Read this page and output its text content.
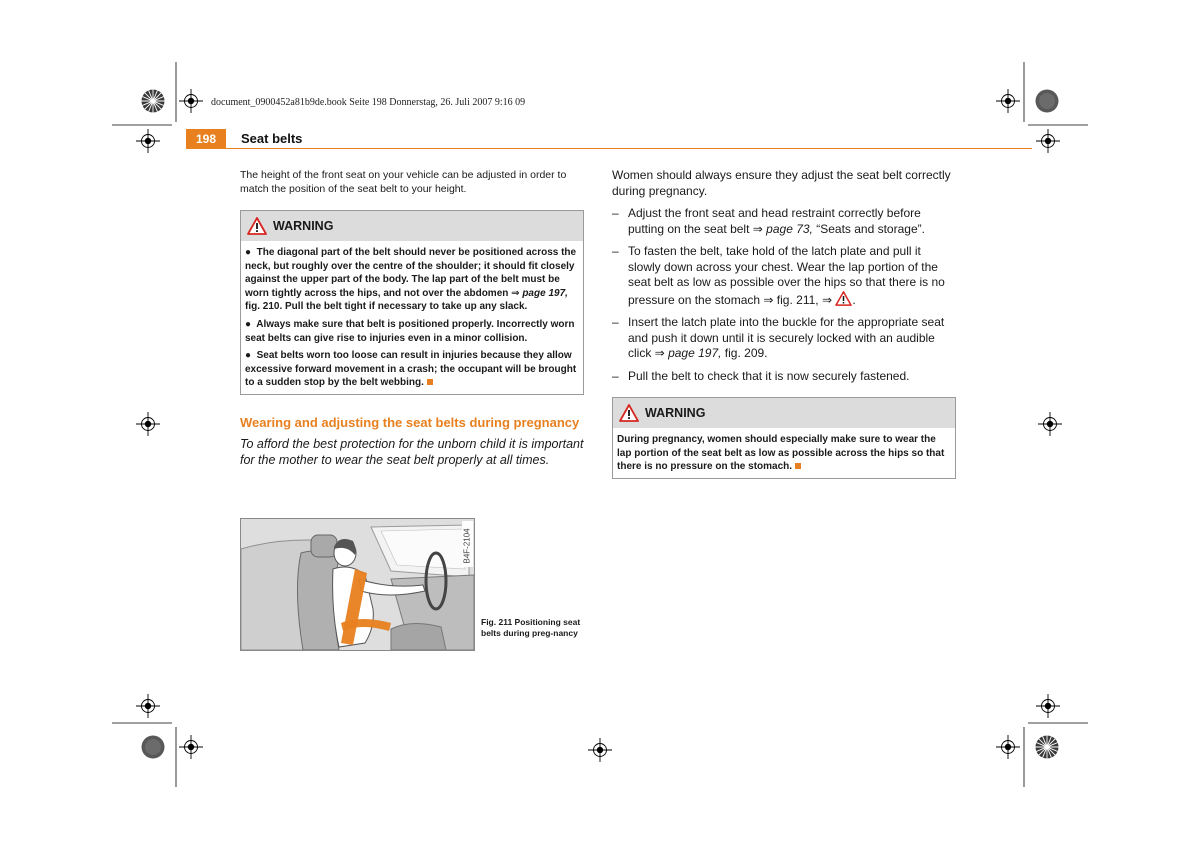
document_0900452a81b9de.book Seite 198 Donnerstag, 26. Juli 2007 9:16 09
198	Seat belts

The height of the front seat on your vehicle can be adjusted in order to match the position of the seat belt to your height.

WARNING

●  The diagonal part of the belt should never be positioned across the neck, but roughly over the centre of the shoulder; it should fit closely against the upper part of the body. The lap part of the belt must be worn tightly across the hips, and not over the abdomen ⇒ page 197, fig. 210. Pull the belt tight if necessary to take up any slack.

●  Always make sure that belt is positioned properly. Incorrectly worn seat belts can give rise to injuries even in a minor collision.

●  Seat belts worn too loose can result in injuries because they allow excessive forward movement in a crash; the occupant will be brought to a sudden stop by the belt webbing.

Wearing and adjusting the seat belts during pregnancy

To afford the best protection for the unborn child it is important for the mother to wear the seat belt properly at all times.

B4F-2104
Fig. 211 Positioning seat belts during preg-nancy

Women should always ensure they adjust the seat belt correctly during pregnancy.

– Adjust the front seat and head restraint correctly before putting on the seat belt ⇒ page 73, “Seats and storage”.
– To fasten the belt, take hold of the latch plate and pull it slowly down across your chest. Wear the lap portion of the seat belt as low as possible over the hips so that there is no pressure on the stomach ⇒ fig. 211, ⇒ .
– Insert the latch plate into the buckle for the appropriate seat and push it down until it is securely locked with an audible click ⇒ page 197, fig. 209.
– Pull the belt to check that it is now securely fastened.
WARNING

During pregnancy, women should especially make sure to wear the lap portion of the seat belt as low as possible across the hips so that there is no pressure on the stomach.
